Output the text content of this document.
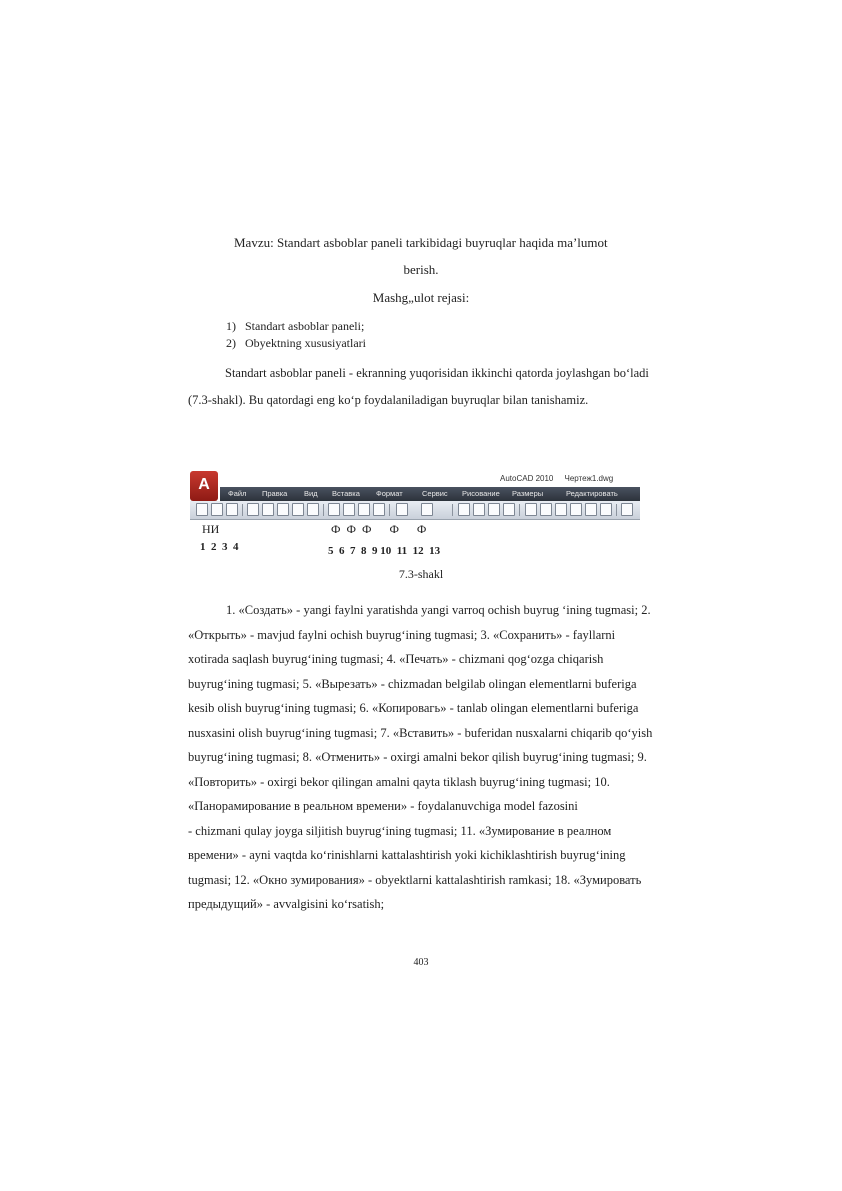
Mavzu: Standart asboblar paneli tarkibidagi buyruqlar haqida ma’lumot
berish.
Mashg„ulot rejasi:
1) Standart asboblar paneli;
2) Obyektning xususiyatlari
Standart asboblar paneli - ekranning yuqorisidan ikkinchi qatorda joylashgan bo‘ladi
(7.3-shakl). Bu qatordagi eng ko‘p foydalaniladigan buyruqlar bilan tanishamiz.
AutoCAD 2010 Чертеж1.dwg
A
Файл Правка Вид Вставка Формат	Сервис Рисование Размеры	Редактировать
НИ	Ф  Ф  Ф      Ф      Ф
1  2  3  4	5  6  7  8  9 10  11  12  13
7.3-shakl

1. «Создать» - yangi faylni yaratishda yangi varroq ochish buyrug ‘ining tugmasi; 2.

«Открыть» - mavjud faylni ochish buyrug‘ining tugmasi; 3. «Сохранить» - fayllarni

xotirada saqlash buyrug‘ining tugmasi; 4. «Печать» - chizmani qog‘ozga chiqarish

buyrug‘ining tugmasi; 5. «Вырезать» - chizmadan belgilab olingan elementlarni buferiga

kesib olish buyrug‘ining tugmasi; 6. «Копировагь» - tanlab olingan elementlarni buferiga

nusxasini olish buyrug‘ining tugmasi; 7. «Вставить» - buferidan nusxalarni chiqarib qo‘yish

buyrug‘ining tugmasi; 8. «Отменить» - oxirgi amalni bekor qilish buyrug‘ining tugmasi; 9.

«Повторить» - oxirgi bekor qilingan amalni qayta tiklash buyrug‘ining tugmasi; 10.

«Панорамирование в реальном времени» - foydalanuvchiga model fazosini

- chizmani qulay joyga siljitish buyrug‘ining tugmasi; 11. «Зумирование в реалном

времени» - ayni vaqtda ko‘rinishlarni kattalashtirish yoki kichiklashtirish buyrug‘ining

tugmasi; 12. «Окно зумирования» - obyektlarni kattalashtirish ramkasi; 18. «Зумировать

предыдущий» - avvalgisini ko‘rsatish;

403
